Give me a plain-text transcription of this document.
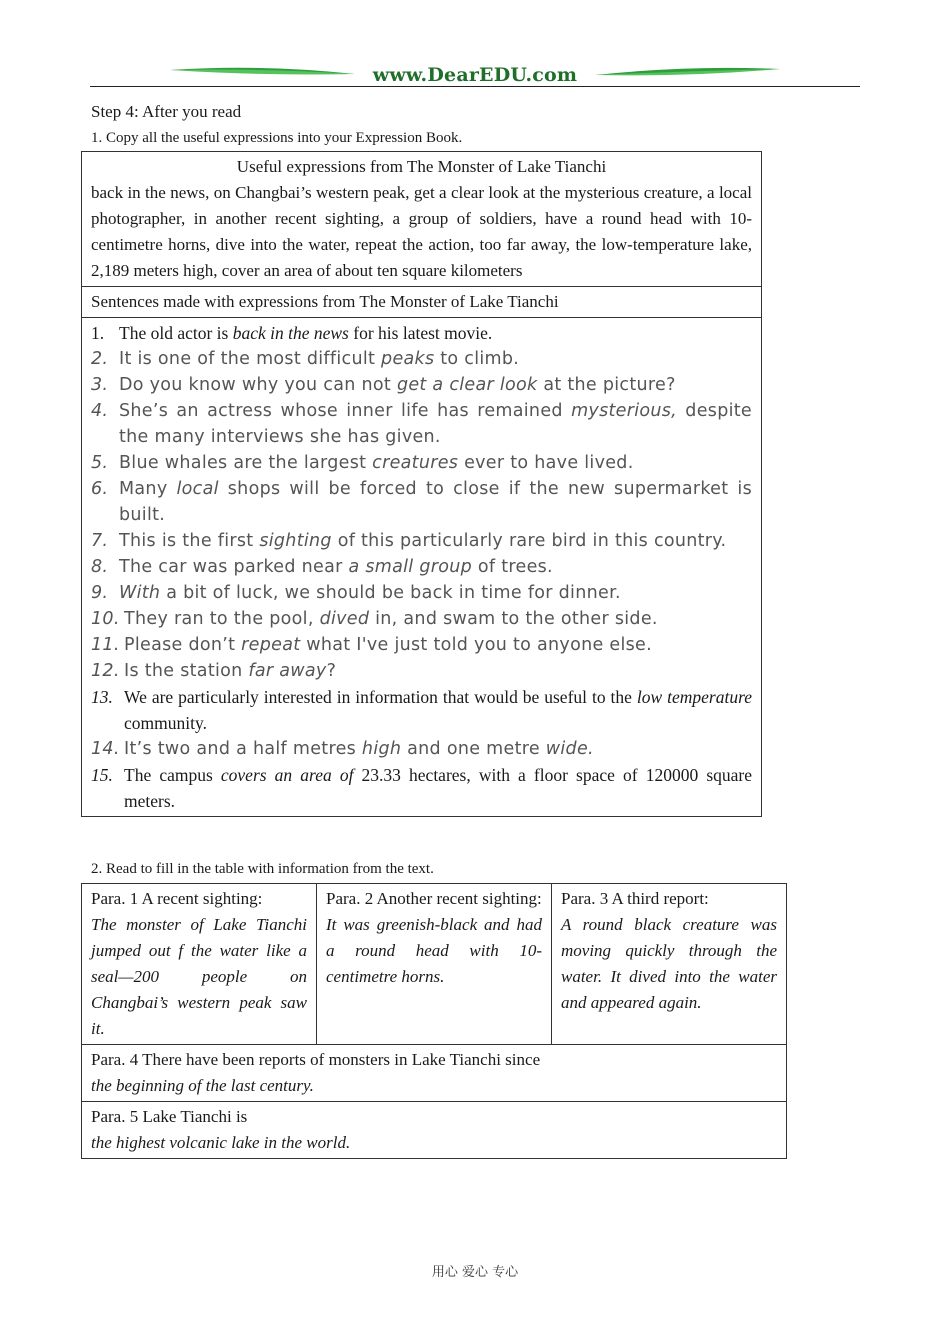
www.DearEDU.com
Step 4: After you read
1. Copy all the useful expressions into your Expression Book.
Useful expressions from The Monster of Lake Tianchi
back in the news, on Changbai’s western peak, get a clear look at the mysterious creature, a local photographer, in another recent sighting, a group of soldiers, have a round head with 10-centimetre horns, dive into the water, repeat the action, too far away, the low-temperature lake, 2,189 meters high, cover an area of about ten square kilometers
Sentences made with expressions from The Monster of Lake Tianchi
1. The old actor is back in the news for his latest movie.
2. It is one of the most difficult peaks to climb.
3. Do you know why you can not get a clear look at the picture?
4. She’s an actress whose inner life has remained mysterious, despite the many interviews she has given.
5. Blue whales are the largest creatures ever to have lived.
6. Many local shops will be forced to close if the new supermarket is built.
7. This is the first sighting of this particularly rare bird in this country.
8. The car was parked near a small group of trees.
9. With a bit of luck, we should be back in time for dinner.
10. They ran to the pool, dived in, and swam to the other side.
11. Please don’t repeat what I've just told you to anyone else.
12. Is the station far away?
13. We are particularly interested in information that would be useful to the low temperature community.
14. It’s two and a half metres high and one metre wide.
15. The campus covers an area of 23.33 hectares, with a floor space of 120000 square meters.
2. Read to fill in the table with information from the text.
Para. 1 A recent sighting:
The monster of Lake Tianchi jumped out f the water like a seal—200 people on Changbai’s western peak saw it.
Para. 2 Another recent sighting:
It was greenish-black and had a round head with 10-centimetre horns.
Para. 3 A third report:
A round black creature was moving quickly through the water. It dived into the water and appeared again.
Para. 4 There have been reports of monsters in Lake Tianchi since
the beginning of the last century.
Para. 5 Lake Tianchi is
the highest volcanic lake in the world.
用心 爱心 专心
